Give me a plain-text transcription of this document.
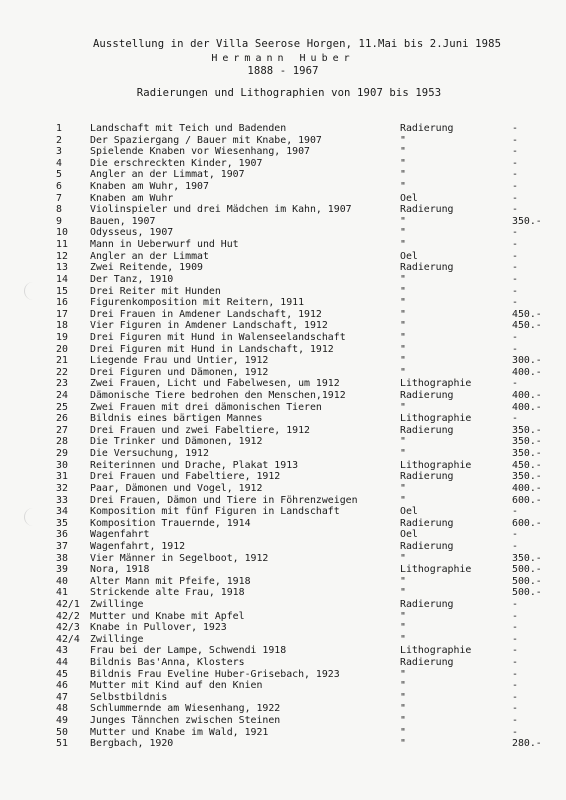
Ausstellung in der Villa Seerose Horgen, 11.Mai bis 2.Juni 1985
Hermann Huber
1888 - 1967
Radierungen und Lithographien von 1907 bis 1953
1	Landschaft mit Teich und Badenden	Radierung	-
2	Der Spaziergang / Bauer mit Knabe, 1907	"	-
3	Spielende Knaben vor Wiesenhang, 1907	"	-
4	Die erschreckten Kinder, 1907	"	-
5	Angler an der Limmat, 1907	"	-
6	Knaben am Wuhr, 1907	"	-
7	Knaben am Wuhr	Oel	-
8	Violinspieler und drei Mädchen im Kahn, 1907	Radierung	-
9	Bauen, 1907	"	350.-
10 Odysseus, 1907	"	-
11 Mann in Ueberwurf und Hut	"	-
12 Angler an der Limmat	Oel	-
13 Zwei Reitende, 1909	Radierung	-
14 Der Tanz, 1910	"	-
15 Drei Reiter mit Hunden	"	-
16 Figurenkomposition mit Reitern, 1911	"	-
17 Drei Frauen in Amdener Landschaft, 1912	"	450.-
18 Vier Figuren in Amdener Landschaft, 1912	"	450.-
19 Drei Figuren mit Hund in Walenseelandschaft	"	-
20 Drei Figuren mit Hund in Landschaft, 1912	"	-
21 Liegende Frau und Untier, 1912	"	300.-
22 Drei Figuren und Dämonen, 1912	"	400.-
23 Zwei Frauen, Licht und Fabelwesen, um 1912	Lithographie	-
24 Dämonische Tiere bedrohen den Menschen,1912	Radierung	400.-
25 Zwei Frauen mit drei dämonischen Tieren	"	400.-
26 Bildnis eines bärtigen Mannes	Lithographie	-
27 Drei Frauen und zwei Fabeltiere, 1912	Radierung	350.-
28 Die Trinker und Dämonen, 1912	"	350.-
29 Die Versuchung, 1912	"	350.-
30 Reiterinnen und Drache, Plakat 1913	Lithographie	450.-
31 Drei Frauen und Fabeltiere, 1912	Radierung	350.-
32 Paar, Dämonen und Vogel, 1912	"	400.-
33 Drei Frauen, Dämon und Tiere in Föhrenzweigen	"	600.-
34 Komposition mit fünf Figuren in Landschaft	Oel	-
35 Komposition Trauernde, 1914	Radierung	600.-
36 Wagenfahrt	Oel	-
37 Wagenfahrt, 1912	Radierung	-
38 Vier Männer in Segelboot, 1912	"	350.-
39 Nora, 1918	Lithographie	500.-
40 Alter Mann mit Pfeife, 1918	"	500.-
41 Strickende alte Frau, 1918	"	500.-
42/1 Zwillinge	Radierung	-
42/2 Mutter und Knabe mit Apfel	"	-
42/3 Knabe in Pullover, 1923	"	-
42/4 Zwillinge	"	-
43 Frau bei der Lampe, Schwendi 1918	Lithographie	-
44 Bildnis Bas'Anna, Klosters	Radierung	-
45 Bildnis Frau Eveline Huber-Grisebach, 1923	"	-
46 Mutter mit Kind auf den Knien	"	-
47 Selbstbildnis	"	-
48 Schlummernde am Wiesenhang, 1922	"	-
49 Junges Tännchen zwischen Steinen	"	-
50 Mutter und Knabe im Wald, 1921	"	-
51 Bergbach, 1920	"	280.-
